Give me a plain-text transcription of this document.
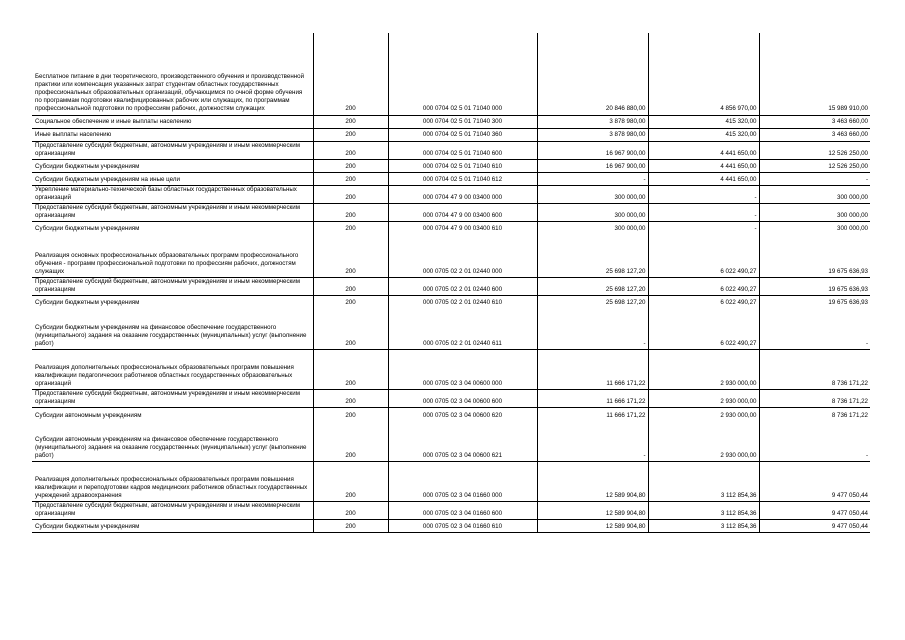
Бесплатное питание в дни теоретического, производственного обучения и производственной практики или компенсация указанных затрат студентам областных государственных профессиональных образовательных организаций, обучающимся по очной форме обучения по программам подготовки квалифицированных рабочих или служащих, по программам профессиональной подготовки по профессиям рабочих, должностям служащих	200	000 0704 02 5 01 71040 000	20 846 880,00	4 856 970,00	15 989 910,00
Социальное обеспечение и иные выплаты населению	200	000 0704 02 5 01 71040 300	3 878 980,00	415 320,00	3 463 660,00
Иные выплаты населению	200	000 0704 02 5 01 71040 360	3 878 980,00	415 320,00	3 463 660,00
Предоставление субсидий бюджетным, автономным учреждениям и иным некоммерческим организациям	200	000 0704 02 5 01 71040 600	16 967 900,00	4 441 650,00	12 526 250,00
Субсидии бюджетным учреждениям	200	000 0704 02 5 01 71040 610	16 967 900,00	4 441 650,00	12 526 250,00
Субсидии бюджетным учреждениям на иные цели	200	000 0704 02 5 01 71040 612	-	4 441 650,00	-
Укрепление материально-технической базы областных государственных образовательных организаций	200	000 0704 47 9 00 03400 000	300 000,00	-	300 000,00
Предоставление субсидий бюджетным, автономным учреждениям и иным некоммерческим организациям	200	000 0704 47 9 00 03400 600	300 000,00	-	300 000,00
Субсидии бюджетным учреждениям	200	000 0704 47 9 00 03400 610	300 000,00	-	300 000,00
Реализация основных профессиональных образовательных программ профессионального обучения - программ профессиональной подготовки по профессиям рабочих, должностям служащих	200	000 0705 02 2 01 02440 000	25 698 127,20	6 022 490,27	19 675 636,93
Предоставление субсидий бюджетным, автономным учреждениям и иным некоммерческим организациям	200	000 0705 02 2 01 02440 600	25 698 127,20	6 022 490,27	19 675 636,93
Субсидии бюджетным учреждениям	200	000 0705 02 2 01 02440 610	25 698 127,20	6 022 490,27	19 675 636,93
Субсидии бюджетным учреждениям на финансовое обеспечение государственного (муниципального) задания на оказание государственных (муниципальных) услуг (выполнение работ)	200	000 0705 02 2 01 02440 611	-	6 022 490,27	-
Реализация дополнительных профессиональных образовательных программ повышения квалификации педагогических работников областных государственных образовательных организаций	200	000 0705 02 3 04 00600 000	11 666 171,22	2 930 000,00	8 736 171,22
Предоставление субсидий бюджетным, автономным учреждениям и иным некоммерческим организациям	200	000 0705 02 3 04 00600 600	11 666 171,22	2 930 000,00	8 736 171,22
Субсидии автономным учреждениям	200	000 0705 02 3 04 00600 620	11 666 171,22	2 930 000,00	8 736 171,22
Субсидии автономным учреждениям на финансовое обеспечение государственного (муниципального) задания на оказание государственных (муниципальных) услуг (выполнение работ)	200	000 0705 02 3 04 00600 621	-	2 930 000,00	-
Реализация дополнительных профессиональных образовательных программ повышения квалификации и переподготовки кадров медицинских работников областных государственных учреждений здравоохранения	200	000 0705 02 3 04 01660 000	12 589 904,80	3 112 854,36	9 477 050,44
Предоставление субсидий бюджетным, автономным учреждениям и иным некоммерческим организациям	200	000 0705 02 3 04 01660 600	12 589 904,80	3 112 854,36	9 477 050,44
Субсидии бюджетным учреждениям	200	000 0705 02 3 04 01660 610	12 589 904,80	3 112 854,36	9 477 050,44
